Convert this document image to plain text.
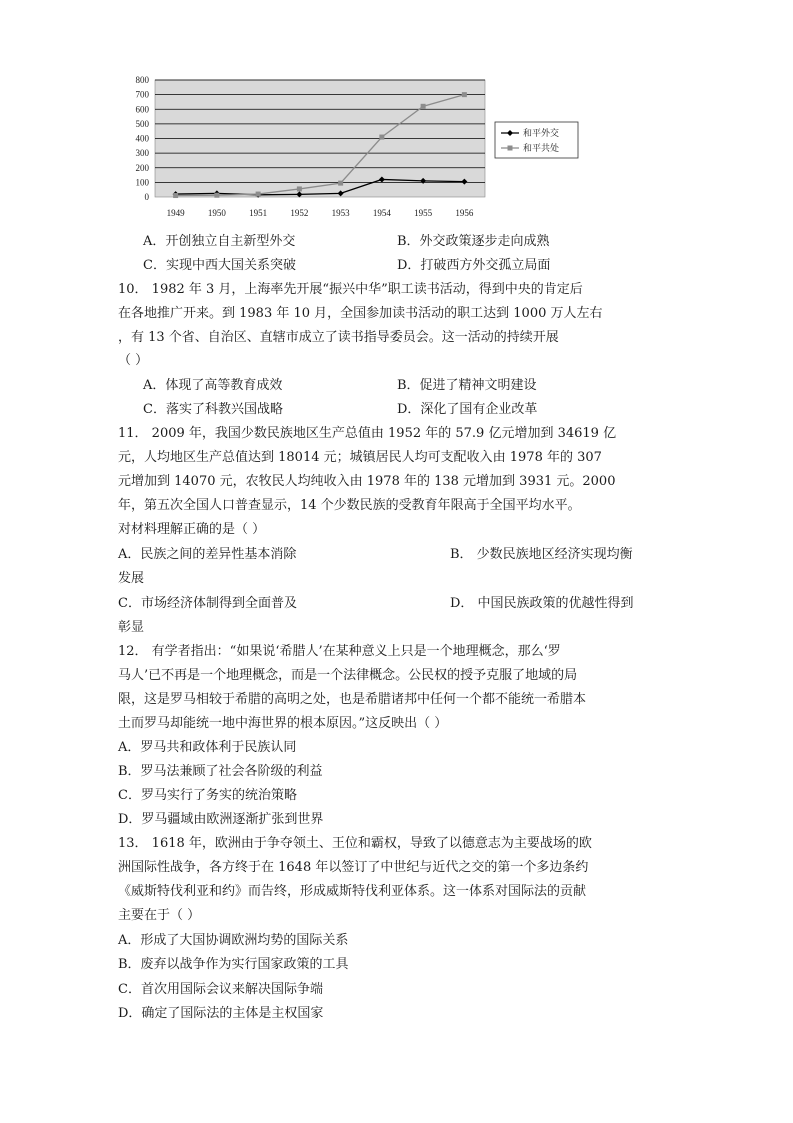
0
100
200
300
400
500
600
700
800
1949	1950	1951	1952	1953	1954	1955	1956
和平外交
和平共处
A．开创独立自主新型外交	B．外交政策逐步走向成熟
C．实现中西大国关系突破	D．打破西方外交孤立局面
10． 1982 年 3 月，上海率先开展“振兴中华”职工读书活动，得到中央的肯定后
在各地推广开来。到 1983 年 10 月，全国参加读书活动的职工达到 1000 万人左右
，有 13 个省、自治区、直辖市成立了读书指导委员会。这一活动的持续开展
（ ）
A．体现了高等教育成效	B．促进了精神文明建设
C．落实了科教兴国战略	D．深化了国有企业改革
11． 2009 年，我国少数民族地区生产总值由 1952 年的 57.9 亿元增加到 34619 亿
元，人均地区生产总值达到 18014 元；城镇居民人均可支配收入由 1978 年的 307
元增加到 14070 元，农牧民人均纯收入由 1978 年的 138 元增加到 3931 元。2000
年，第五次全国人口普查显示，14 个少数民族的受教育年限高于全国平均水平。
对材料理解正确的是（ ）
A．民族之间的差异性基本消除	B． 少数民族地区经济实现均衡
发展
C．市场经济体制得到全面普及	D． 中国民族政策的优越性得到
彰显
12． 有学者指出：“如果说‘希腊人’在某种意义上只是一个地理概念，那么‘罗
马人’已不再是一个地理概念，而是一个法律概念。公民权的授予克服了地域的局
限，这是罗马相较于希腊的高明之处，也是希腊诸邦中任何一个都不能统一希腊本
土而罗马却能统一地中海世界的根本原因。”这反映出（ ）
A．罗马共和政体利于民族认同
B．罗马法兼顾了社会各阶级的利益
C．罗马实行了务实的统治策略
D．罗马疆域由欧洲逐渐扩张到世界
13． 1618 年，欧洲由于争夺领土、王位和霸权，导致了以德意志为主要战场的欧
洲国际性战争，各方终于在 1648 年以签订了中世纪与近代之交的第一个多边条约
《威斯特伐利亚和约》而告终，形成威斯特伐利亚体系。这一体系对国际法的贡献
主要在于（ ）
A．形成了大国协调欧洲均势的国际关系
B．废弃以战争作为实行国家政策的工具
C．首次用国际会议来解决国际争端
D．确定了国际法的主体是主权国家
